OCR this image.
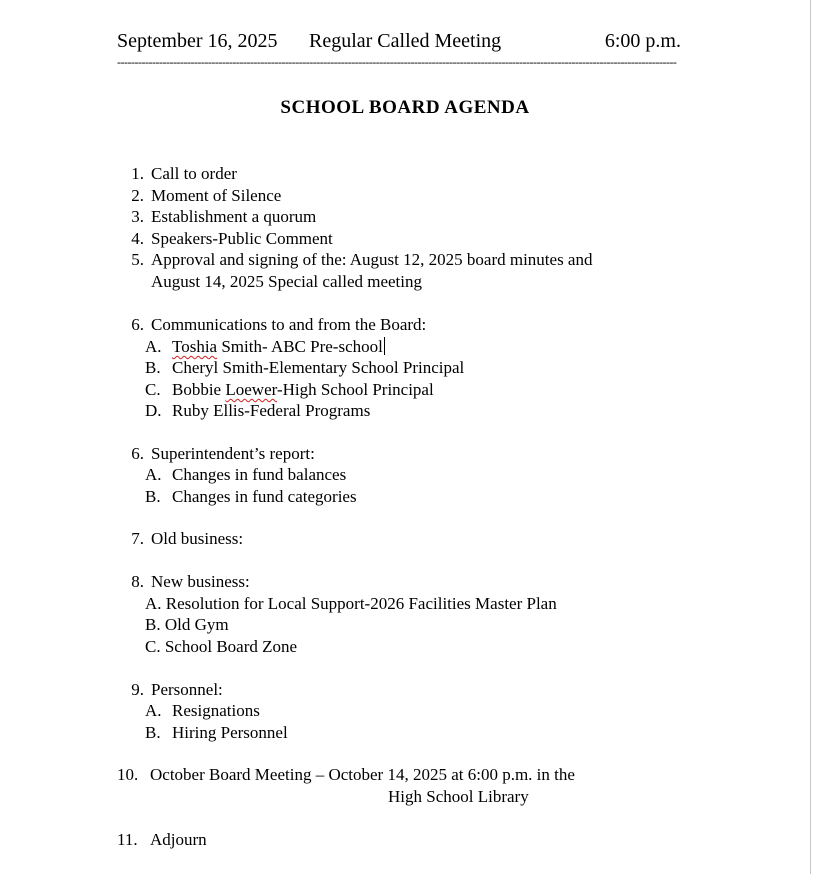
September 16, 2025 Regular Called Meeting	6:00 p.m.
----------------------------------------------------------------------------------------------------------------------------------------------------------------
SCHOOL BOARD AGENDA
1. Call to order
2. Moment of Silence
3. Establishment a quorum
4. Speakers-Public Comment
5. Approval and signing of the: August 12, 2025 board minutes and
August 14, 2025 Special called meeting
6. Communications to and from the Board:
A. Toshia Smith- ABC Pre-school
B. Cheryl Smith-Elementary School Principal
C. Bobbie Loewer-High School Principal
D. Ruby Ellis-Federal Programs
6. Superintendent’s report:
A. Changes in fund balances
B. Changes in fund categories
7. Old business:
8. New business:
A. Resolution for Local Support-2026 Facilities Master Plan
B. Old Gym
C. School Board Zone
9. Personnel:
A. Resignations
B. Hiring Personnel
10. October Board Meeting – October 14, 2025 at 6:00 p.m. in the
High School Library
11. Adjourn
